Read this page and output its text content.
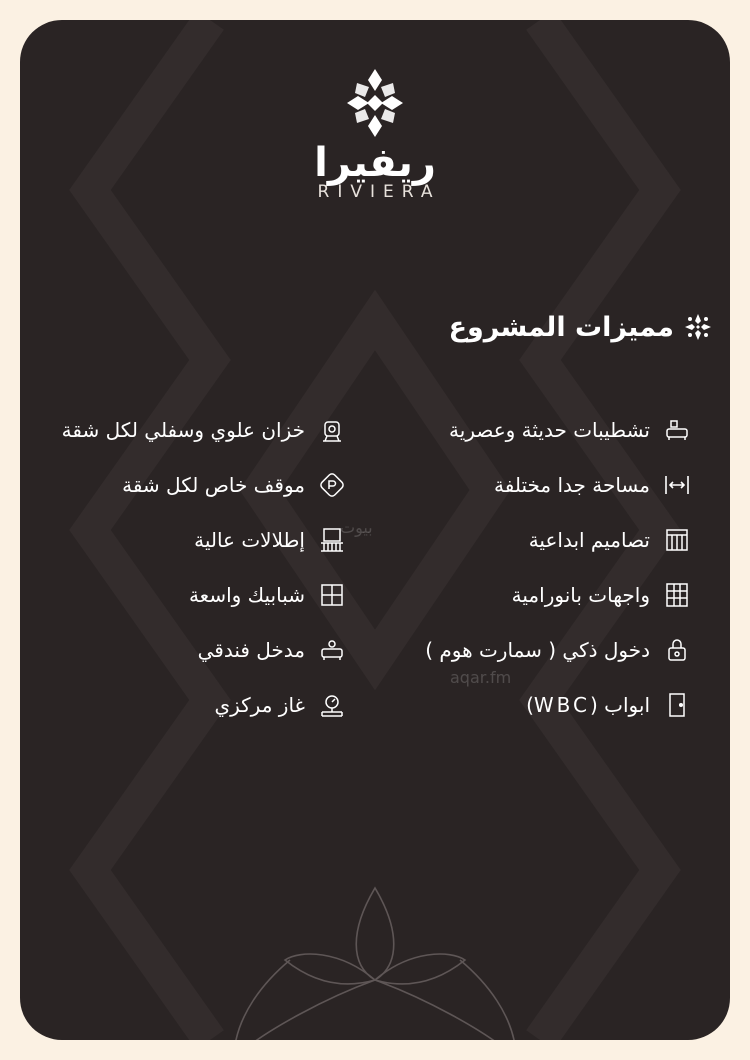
ريفيرا
RIVIERA
مميزات المشروع
تشطيبات حديثة وعصرية
مساحة جدا مختلفة
تصاميم ابداعية
واجهات بانورامية
دخول ذكي ( سمارت هوم )
ابواب (WBC)
خزان علوي وسفلي لكل شقة
موقف خاص لكل شقة
إطلالات عالية
شبابيك واسعة
مدخل فندقي
غاز مركزي
بيوت
aqar.fm
